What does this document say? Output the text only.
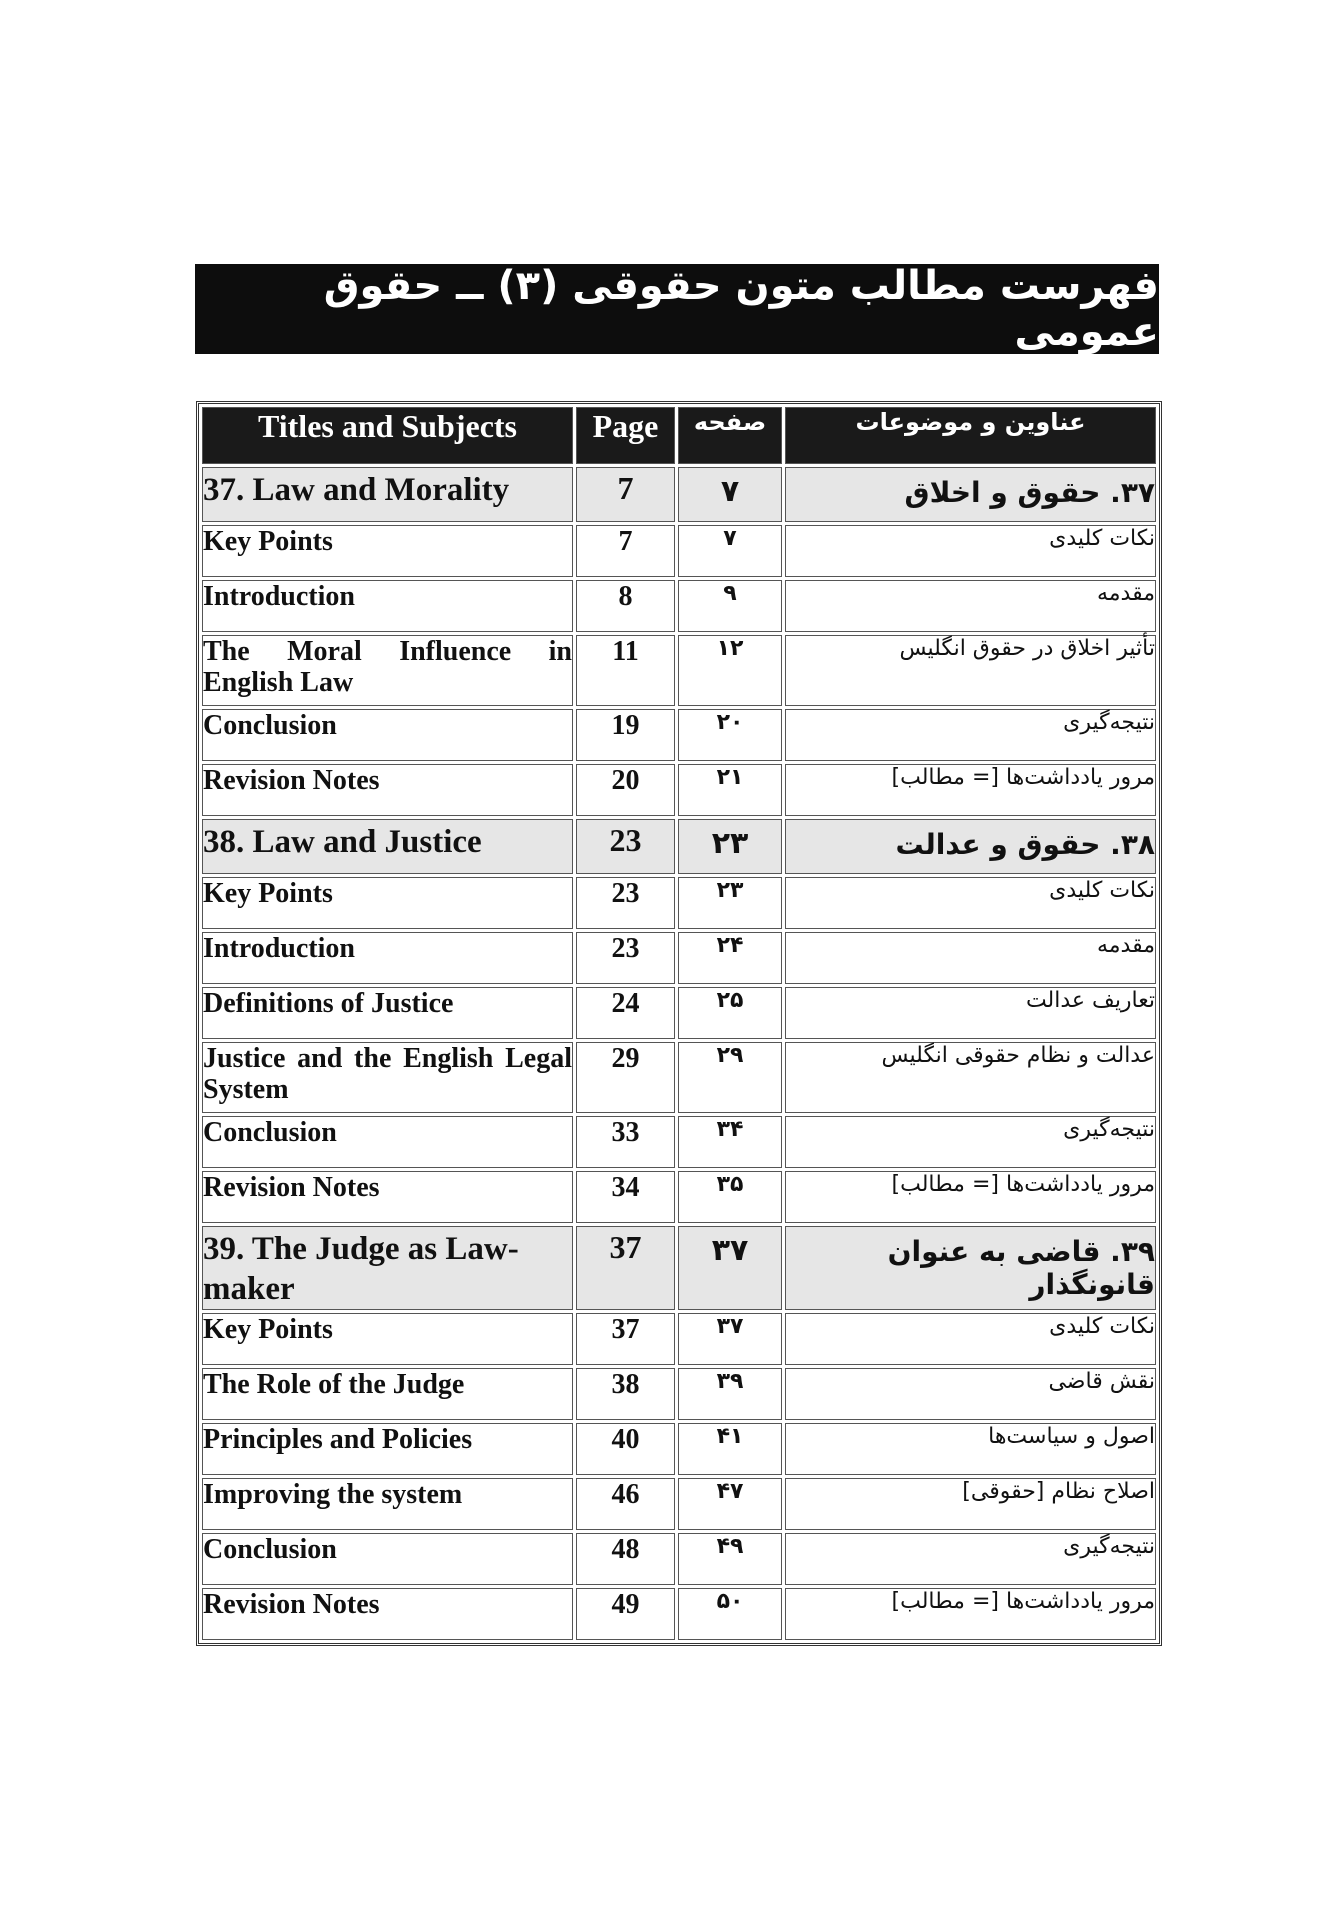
فهرست مطالب متون حقوقی (۳) ــ حقوق عمومی
Titles and Subjects	Page	صفحه	عناوین و موضوعات
37. Law and Morality	7	۷	۳۷. حقوق و اخلاق
Key Points	7	۷	نکات کلیدی
Introduction	8	۹	مقدمه
The Moral Influence in English Law	11	۱۲	تأثیر اخلاق در حقوق انگلیس
Conclusion	19	۲۰	نتیجه‌گیری
Revision Notes	20	۲۱	مرور یادداشت‌ها [= مطالب]
38. Law and Justice	23	۲۳	۳۸. حقوق و عدالت
Key Points	23	۲۳	نکات کلیدی
Introduction	23	۲۴	مقدمه
Definitions of Justice	24	۲۵	تعاریف عدالت
Justice and the English Legal System	29	۲۹	عدالت و نظام حقوقی انگلیس
Conclusion	33	۳۴	نتیجه‌گیری
Revision Notes	34	۳۵	مرور یادداشت‌ها [= مطالب]
39. The Judge as Law-maker	37	۳۷	۳۹. قاضی به عنوان قانونگذار
Key Points	37	۳۷	نکات کلیدی
The Role of the Judge	38	۳۹	نقش قاضی
Principles and Policies	40	۴۱	اصول و سیاست‌ها
Improving the system	46	۴۷	اصلاح نظام [حقوقی]
Conclusion	48	۴۹	نتیجه‌گیری
Revision Notes	49	۵۰	مرور یادداشت‌ها [= مطالب]
